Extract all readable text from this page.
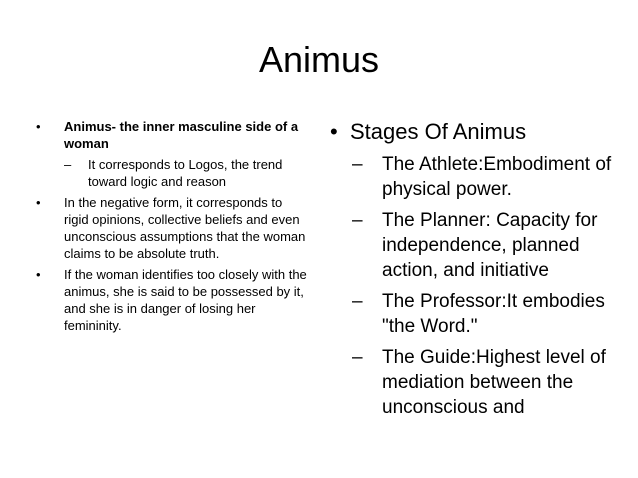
Animus
• Animus- the inner masculine side of a woman
– It corresponds to Logos, the trend toward logic and reason
• In the negative form, it corresponds to rigid opinions, collective beliefs and even unconscious assumptions that the woman claims to be absolute truth.
• If the woman identifies too closely with the animus, she is said to be possessed by it, and she is in danger of losing her femininity.
• Stages Of Animus
– The Athlete:Embodiment of physical power.
– The Planner: Capacity for independence, planned action, and initiative
– The Professor:It embodies "the Word."
– The Guide:Highest level of mediation between the unconscious and
